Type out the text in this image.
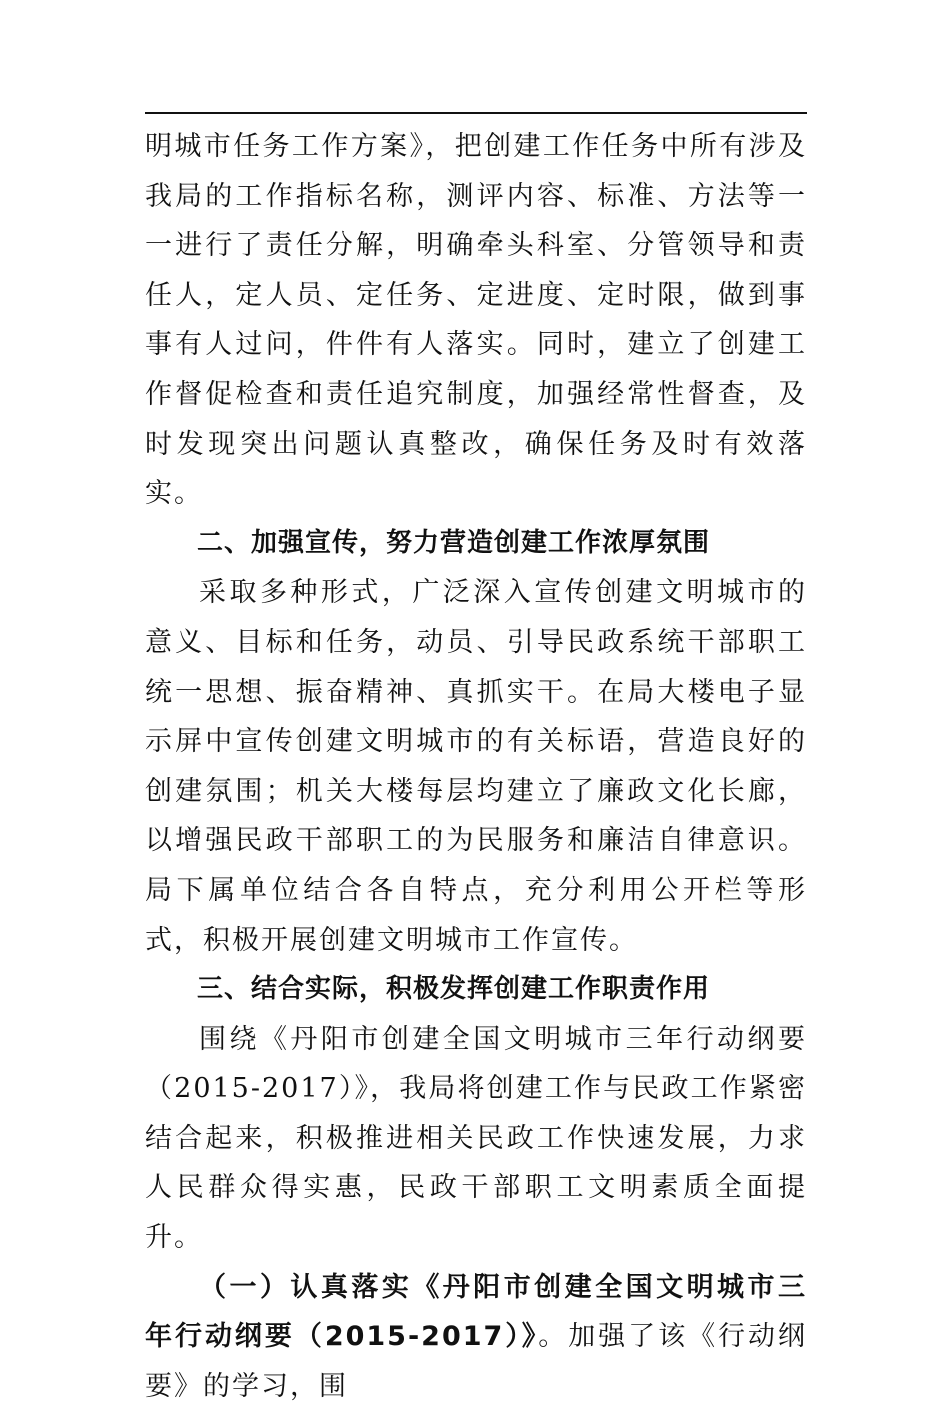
明城市任务工作方案》，把创建工作任务中所有涉及我局的工作指标名称，测评内容、标准、方法等一一进行了责任分解，明确牵头科室、分管领导和责任人，定人员、定任务、定进度、定时限，做到事事有人过问，件件有人落实。同时，建立了创建工作督促检查和责任追究制度，加强经常性督查，及时发现突出问题认真整改，确保任务及时有效落实。

二、加强宣传，努力营造创建工作浓厚氛围

采取多种形式，广泛深入宣传创建文明城市的意义、目标和任务，动员、引导民政系统干部职工统一思想、振奋精神、真抓实干。在局大楼电子显示屏中宣传创建文明城市的有关标语，营造良好的创建氛围；机关大楼每层均建立了廉政文化长廊，以增强民政干部职工的为民服务和廉洁自律意识。局下属单位结合各自特点，充分利用公开栏等形式，积极开展创建文明城市工作宣传。

三、结合实际，积极发挥创建工作职责作用

围绕《丹阳市创建全国文明城市三年行动纲要（2015-2017）》，我局将创建工作与民政工作紧密结合起来，积极推进相关民政工作快速发展，力求人民群众得实惠，民政干部职工文明素质全面提升。

（一）认真落实《丹阳市创建全国文明城市三年行动纲要（2015-2017）》。加强了该《行动纲要》的学习，围
